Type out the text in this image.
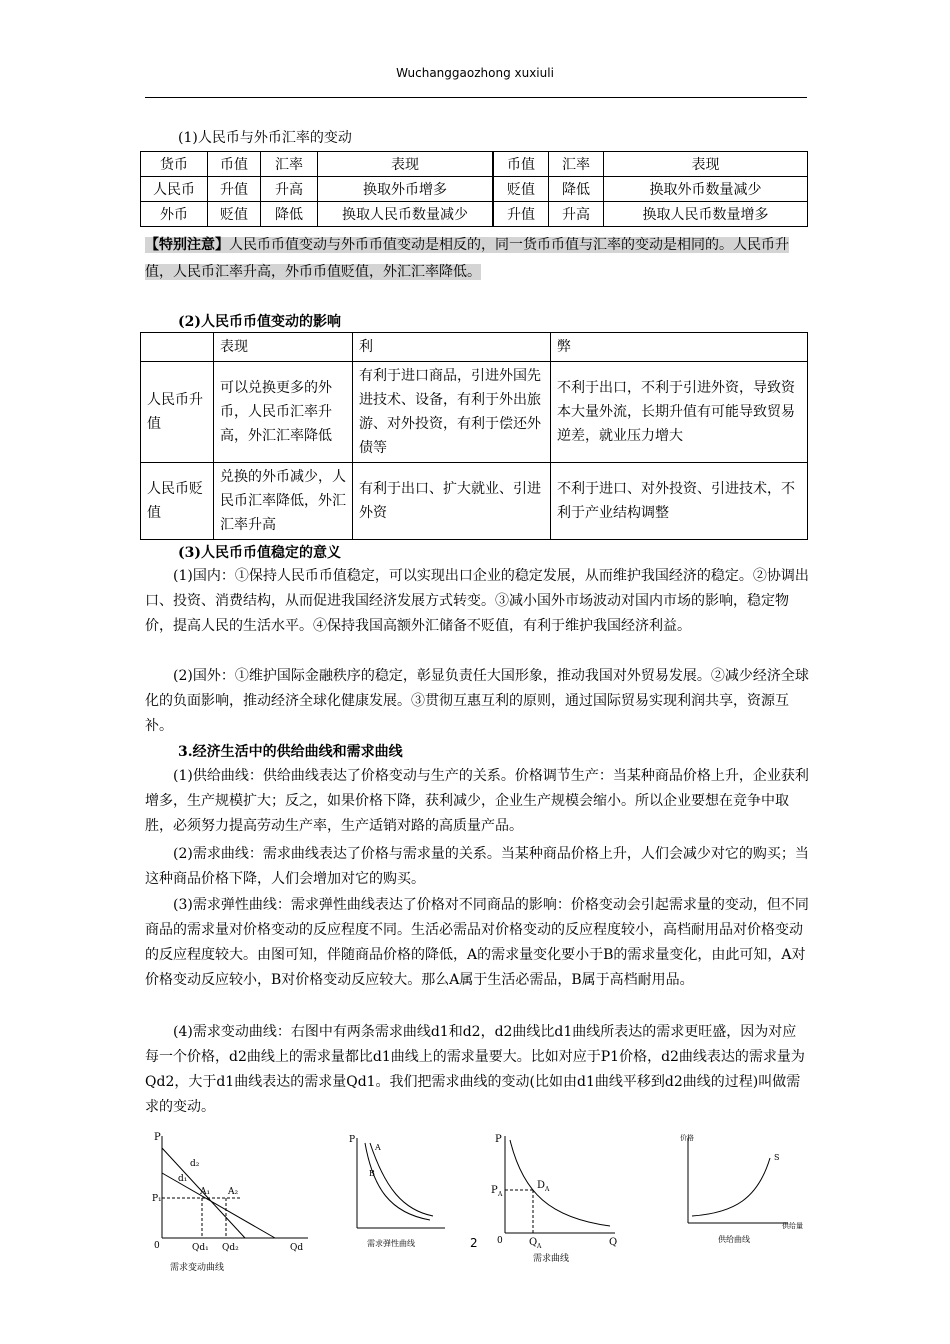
Wuchanggaozhong xuxiuli
(1)人民币与外币汇率的变动
货币	币值	汇率	表现	币值	汇率	表现
人民币	升值	升高	换取外币增多	贬值	降低	换取外币数量减少
外币	贬值	降低	换取人民币数量减少	升值	升高	换取人民币数量增多
【特别注意】人民币币值变动与外币币值变动是相反的，同一货币币值与汇率的变动是相同的。人民币升值，人民币汇率升高，外币币值贬值，外汇汇率降低。
(2)人民币币值变动的影响
	表现	利	弊
人民币升值	可以兑换更多的外币，人民币汇率升高，外汇汇率降低	有利于进口商品，引进外国先进技术、设备，有利于外出旅游、对外投资，有利于偿还外债等	不利于出口，不利于引进外资，导致资本大量外流，长期升值有可能导致贸易逆差，就业压力增大
人民币贬值	兑换的外币减少，人民币汇率降低，外汇汇率升高	有利于出口、扩大就业、引进外资	不利于进口、对外投资、引进技术，不利于产业结构调整
(3)人民币币值稳定的意义

(1)国内：①保持人民币币值稳定，可以实现出口企业的稳定发展，从而维护我国经济的稳定。②协调出口、投资、消费结构，从而促进我国经济发展方式转变。③减小国外市场波动对国内市场的影响，稳定物价，提高人民的生活水平。④保持我国高额外汇储备不贬值，有利于维护我国经济利益。

(2)国外：①维护国际金融秩序的稳定，彰显负责任大国形象，推动我国对外贸易发展。②减少经济全球化的负面影响，推动经济全球化健康发展。③贯彻互惠互利的原则，通过国际贸易实现利润共享，资源互补。

3.经济生活中的供给曲线和需求曲线

(1)供给曲线：供给曲线表达了价格变动与生产的关系。价格调节生产：当某种商品价格上升，企业获利增多，生产规模扩大；反之，如果价格下降，获利减少，企业生产规模会缩小。所以企业要想在竞争中取胜，必须努力提高劳动生产率，生产适销对路的高质量产品。

(2)需求曲线：需求曲线表达了价格与需求量的关系。当某种商品价格上升，人们会减少对它的购买；当这种商品价格下降，人们会增加对它的购买。

(3)需求弹性曲线：需求弹性曲线表达了价格对不同商品的影响：价格变动会引起需求量的变动，但不同商品的需求量对价格变动的反应程度不同。生活必需品对价格变动的反应程度较小，高档耐用品对价格变动的反应程度较大。由图可知，伴随商品价格的降低，A的需求量变化要小于B的需求量变化，由此可知，A对价格变动反应较小，B对价格变动反应较大。那么A属于生活必需品，B属于高档耐用品。

(4)需求变动曲线：右图中有两条需求曲线d1和d2，d2曲线比d1曲线所表达的需求更旺盛，因为对应每一个价格，d2曲线上的需求量都比d1曲线上的需求量要大。比如对应于P1价格，d2曲线表达的需求量为Qd2，大于d1曲线表达的需求量Qd1。我们把需求曲线的变动(比如由d1曲线平移到d2曲线的过程)叫做需求的变动。

P
P₁
d₂
d₁
A₁ A₂
0	Qd₁ Qd₂	Qd
需求变动曲线
P
A
B
需求弹性曲线
P
P A
D A
0	Q A	Q
需求曲线
价格
S
供给量
供给曲线
2
